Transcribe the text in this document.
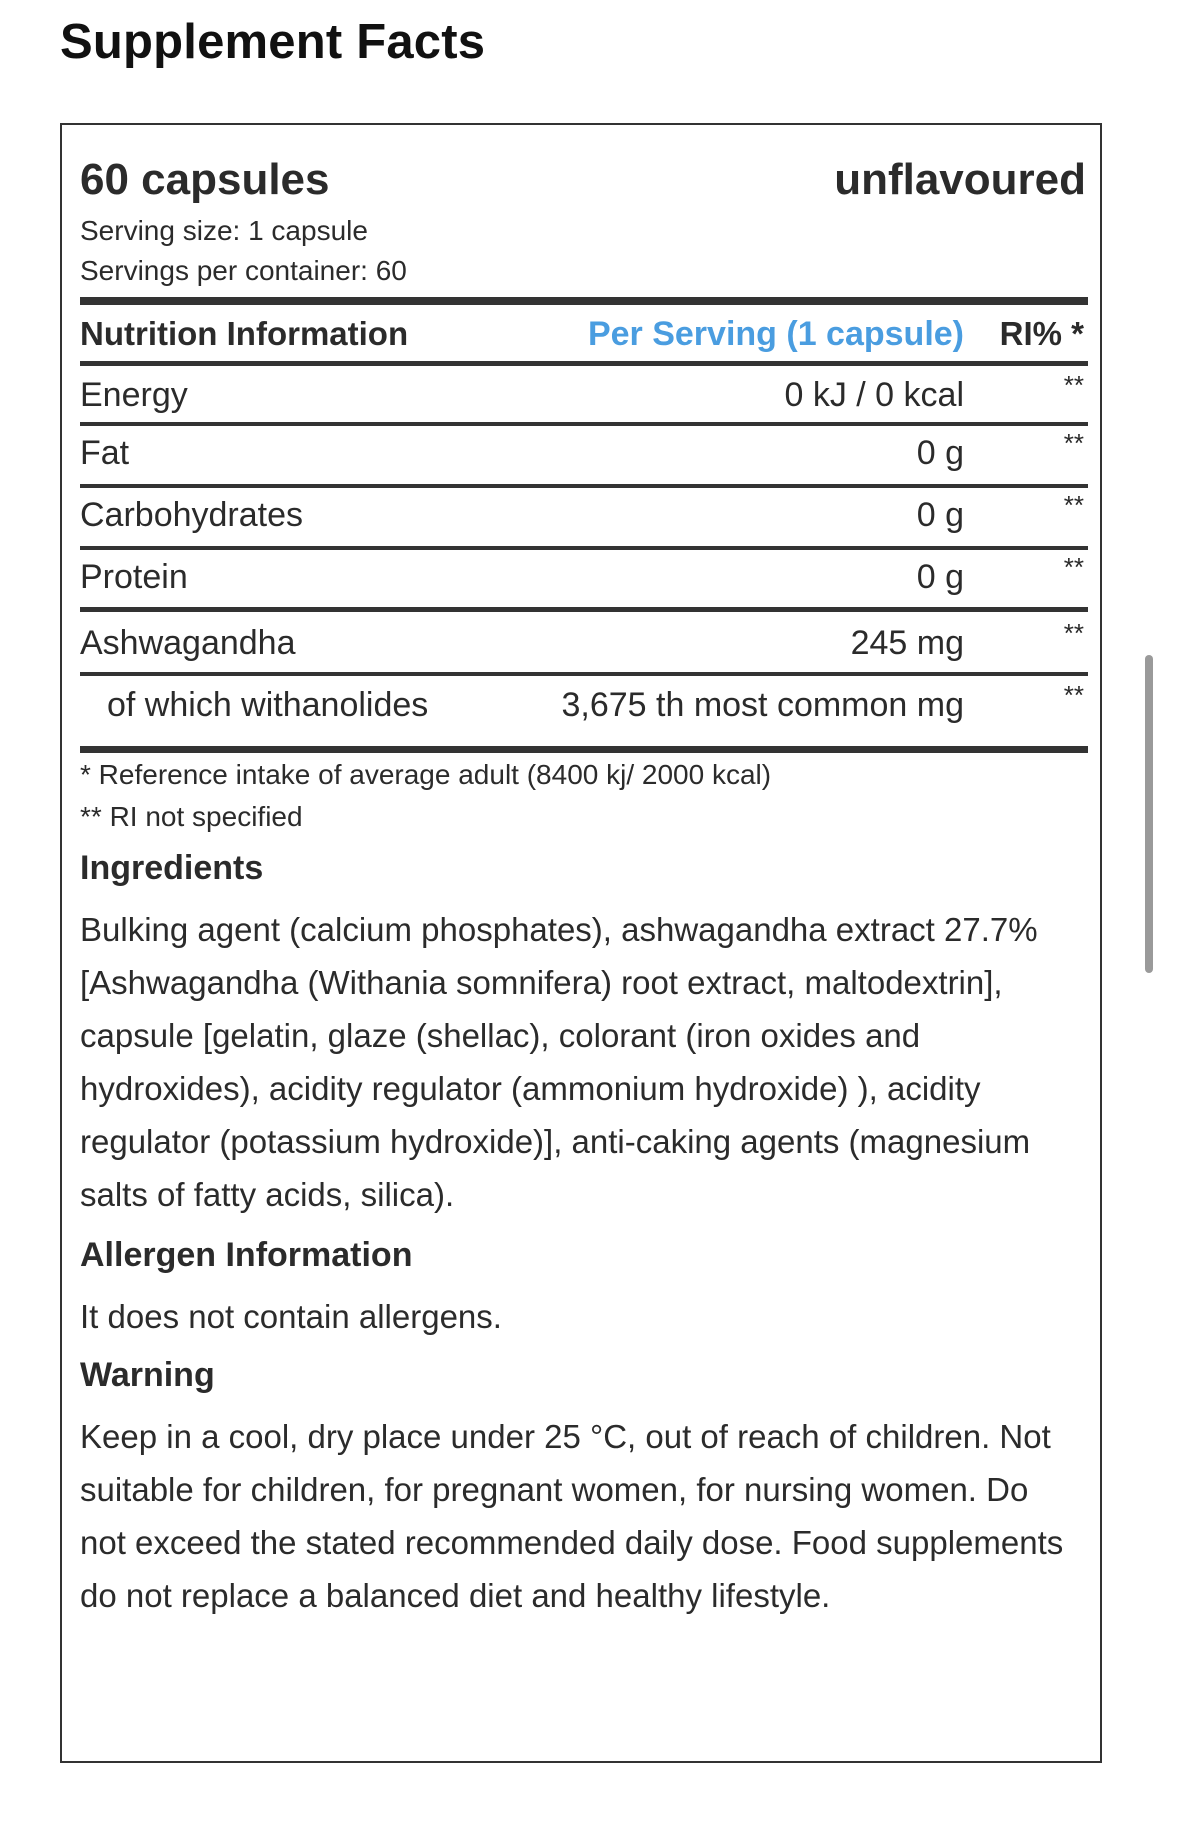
Supplement Facts
60 capsules	unflavoured
Serving size: 1 capsule
Servings per container: 60
Nutrition Information	Per Serving (1 capsule) RI% *
Energy	0 kJ / 0 kcal	**
Fat	0 g	**
Carbohydrates	0 g	**
Protein	0 g	**
Ashwagandha	245 mg	**
of which withanolides	3,675 th most common mg	**
* Reference intake of average adult (8400 kj/ 2000 kcal)
** RI not specified
Ingredients
Bulking agent (calcium phosphates), ashwagandha extract 27.7% [Ashwagandha (Withania somnifera) root extract, maltodextrin], capsule [gelatin, glaze (shellac), colorant (iron oxides and hydroxides), acidity regulator (ammonium hydroxide) ), acidity regulator (potassium hydroxide)], anti-caking agents (magnesium salts of fatty acids, silica).
Allergen Information
It does not contain allergens.
Warning
Keep in a cool, dry place under 25 °C, out of reach of children. Not suitable for children, for pregnant women, for nursing women. Do not exceed the stated recommended daily dose. Food supplements do not replace a balanced diet and healthy lifestyle.
